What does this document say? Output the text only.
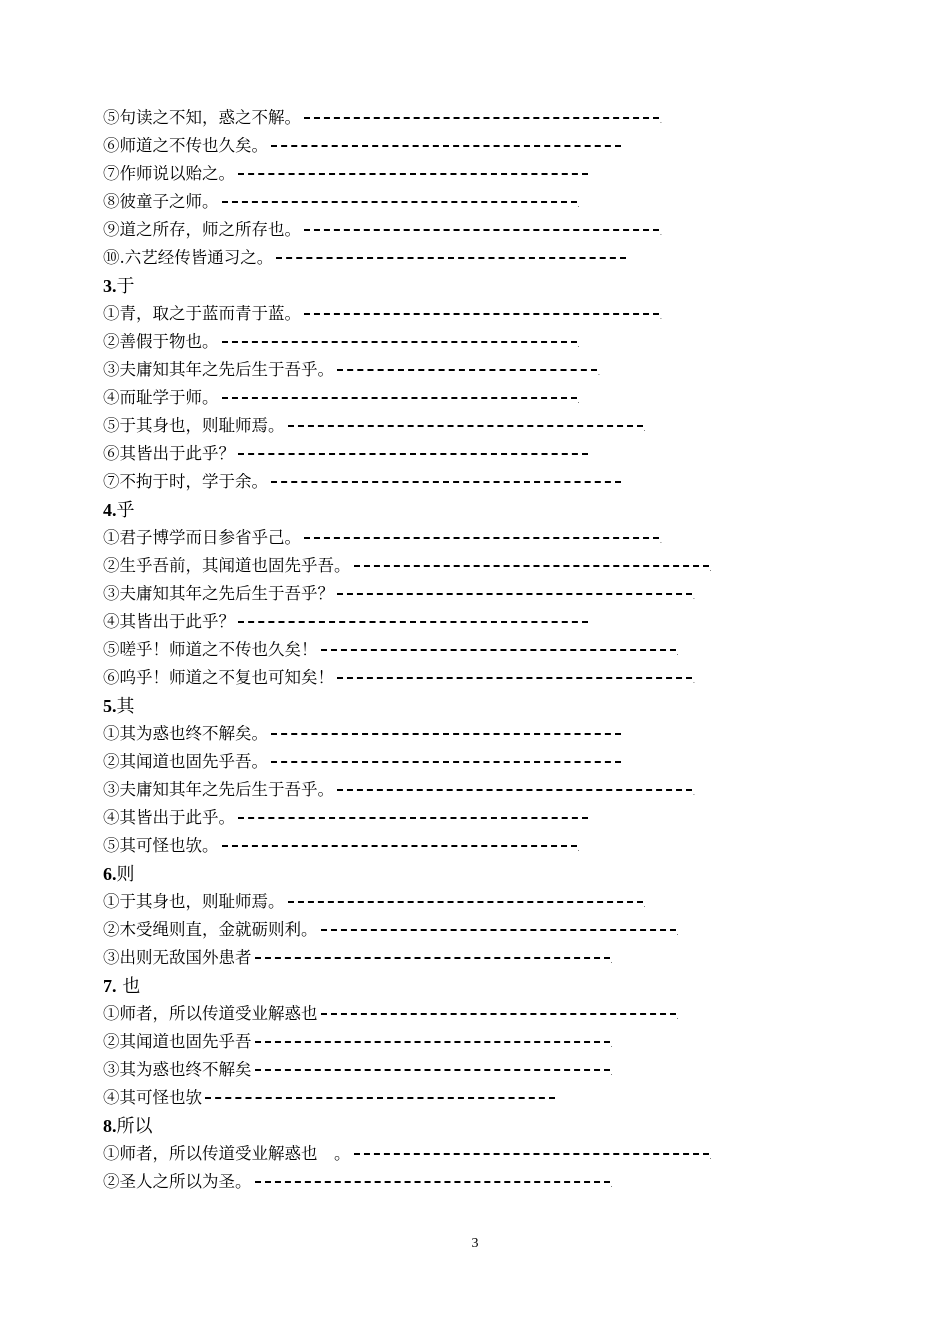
⑤句读之不知，惑之不解。	.
⑥师道之不传也久矣。
⑦作师说以贻之。
⑧彼童子之师。	.
⑨道之所存，师之所存也。	.
⑩.六艺经传皆通习之。
3.于
①青，取之于蓝而青于蓝。	.
②善假于物也。	.
③夫庸知其年之先后生于吾乎。	.
④而耻学于师。	.
⑤于其身也，则耻师焉。	.
⑥其皆出于此乎？
⑦不拘于时，学于余。
4.乎
①君子博学而日参省乎己。	.
②生乎吾前，其闻道也固先乎吾。	.
③夫庸知其年之先后生于吾乎？	.
④其皆出于此乎？
⑤嗟乎！师道之不传也久矣！	.
⑥呜乎！师道之不复也可知矣！	.
5.其
①其为惑也终不解矣。
②其闻道也固先乎吾。
③夫庸知其年之先后生于吾乎。	.
④其皆出于此乎。
⑤其可怪也欤。	.
6.则
①于其身也，则耻师焉。	.
②木受绳则直，金就砺则利。	.
③出则无敌国外患者	.
7. 也
①师者，所以传道受业解惑也	.
②其闻道也固先乎吾	.
③其为惑也终不解矣	.
④其可怪也欤
8.所以
①师者，所以传道受业解惑也　。	.
②圣人之所以为圣。	.
3
